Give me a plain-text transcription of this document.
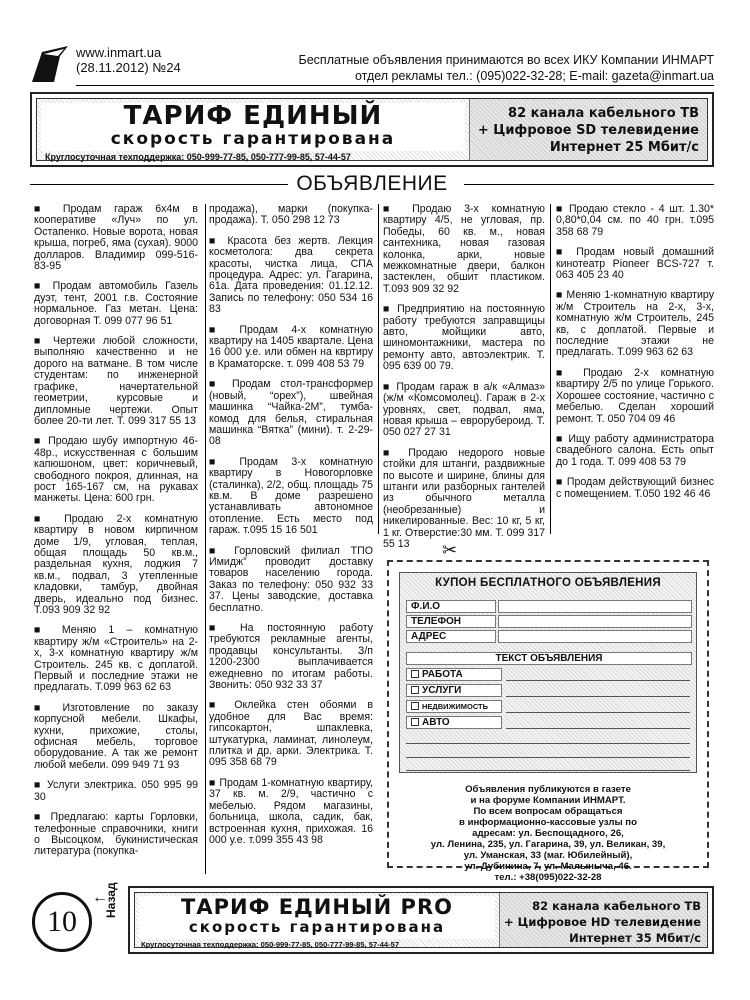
www.inmart.ua
(28.11.2012) №24	Бесплатные объявления принимаются во всех ИКУ Компании ИНМАРТ
отдел рекламы тел.: (095)022-32-28; E-mail: gazeta@inmart.ua
ТАРИФ ЕДИНЫЙ
скорость гарантирована
Круглосуточная техподдержка: 050-999-77-85, 050-777-99-85, 57-44-57
82 канала кабельного ТВ
+ Цифровое SD телевидение
Интернет 25 Мбит/с
ОБЪЯВЛЕНИЕ

■ Продам гараж 6х4м в кооперативе «Луч» по ул. Остапенко. Новые ворота, новая крыша, погреб, яма (сухая). 9000 долларов. Владимир 099-516-83-95

■ Продам автомобиль Газель дуэт, тент, 2001 г.в. Состояние нормальное. Газ метан. Цена: договорная Т. 099 077 96 51

■ Чертежи любой сложности, выполняю качественно и не дорого на ватмане. В том числе студентам: по инженерной графике, начертательной геометрии, курсовые и дипломные чертежи. Опыт более 20-ти лет. Т. 099 317 55 13

■ Продаю шубу импортную 46-48р., искусственная с большим капюшоном, цвет: коричневый, свободного покроя, длинная, на рост 165-167 см, на рукавах манжеты. Цена: 600 грн.

■ Продаю 2-х комнатную квартиру в новом кирпичном доме 1/9, угловая, теплая, общая площадь 50 кв.м., раздельная кухня, лоджия 7 кв.м., подвал, 3 утепленные кладовки, тамбур, двойная дверь, идеально под бизнес. Т.093 909 32 92

■ Меняю 1 – комнатную квартиру ж/м «Строитель» на 2-х, 3-х комнатную квартиру ж/м Строитель. 245 кв. с доплатой. Первый и последние этажи не предлагать. Т.099 963 62 63

■ Изготовление по заказу корпусной мебели. Шкафы, кухни, прихожие, столы, офисная мебель, торговое оборудование. А так же ремонт любой мебели. 099 949 71 93

■ Услуги электрика. 050 995 99 30

■ Предлагаю: карты Горловки, телефонные справочники, книги о Высоцком, букинистическая литература (покупка-

продажа), марки (покупка-продажа). Т. 050 298 12 73

■ Красота без жертв. Лекция косметолога: два секрета красоты, чистка лица, СПА процедура. Адрес: ул. Гагарина, 61а. Дата проведения: 01.12.12. Запись по телефону: 050 534 16 83

■ Продам 4-х комнатную квартиру на 1405 квартале. Цена 16 000 у.е. или обмен на квртиру в Краматорске. т. 099 408 53 79

■ Продам стол-трансформер (новый, “орех”), швейная машинка “Чайка-2М”, тумба-комод для белья, стиральная машинка “Вятка” (мини). т. 2-29-08

■ Продам 3-х комнатную квартиру в Новогорловке (сталинка), 2/2, общ. площадь 75 кв.м. В доме разрешено устанавливать автономное отопление. Есть место под гараж. т.095 15 16 501

■ Горловский филиал ТПО Имидж” проводит доставку товаров населению города. Заказ по телефону: 050 932 33 37. Цены заводские, доставка бесплатно.

■ На постоянную работу требуются рекламные агенты, продавцы консультанты. З/п 1200-2300 выплачивается ежедневно по итогам работы. Звонить: 050 932 33 37

■ Оклейка стен обоями в удобное для Вас время: гипсокартон, шпаклевка, штукатурка, ламинат, линолеум, плитка и др. арки. Электрика. Т. 095 358 68 79

■ Продам 1-комнатную квартиру, 37 кв. м. 2/9, частично с мебелью. Рядом магазины, больница, школа, садик, бак, встроенная кухня, прихожая. 16 000 у.е. т.099 355 43 98

■ Продаю 3-х комнатную квартиру 4/5, не угловая, пр. Победы, 60 кв. м., новая сантехника, новая газовая колонка, арки, новые межкомнатные двери, балкон застеклен, обшит пластиком. Т.093 909 32 92

■ Предприятию на постоянную работу требуются заправщицы авто, мойщики авто, шиномонтажники, мастера по ремонту авто, автоэлектрик. Т. 095 639 00 79.

■ Продам гараж в а/к «Алмаз» (ж/м «Комсомолец). Гараж в 2-х уровнях, свет, подвал, яма, новая крыша – еврорубероид. Т. 050 027 27 31

■ Продаю недорого новые стойки для штанги, раздвижные по высоте и ширине, блины для штанги или разборных гантелей из обычного металла (необрезанные) и никелированные. Вес: 10 кг, 5 кг, 1 кг. Отверстие:30 мм. Т. 099 317 55 13

■ Продаю стекло - 4 шт. 1.30* 0,80*0,04 см. по 40 грн. т.095 358 68 79

■ Продам новый домашний кинотеатр Pioneer BCS-727 т. 063 405 23 40

■ Меняю 1-комнатную квартиру ж/м Строитель на 2-х, 3-х, комнатную ж/м Строитель, 245 кв, с доплатой. Первые и последние этажи не предлагать. Т.099 963 62 63

■ Продаю 2-х комнатную квартиру 2/5 по улице Горького. Хорошее состояние, частично с мебелью. Сделан хороший ремонт. Т. 050 704 09 46

■ Ищу работу администратора свадебного салона. Есть опыт до 1 года. Т. 099 408 53 79

■ Продам действующий бизнес с помещением. Т.050 192 46 46

✂
КУПОН БЕСПЛАТНОГО ОБЪЯВЛЕНИЯ
Ф.И.О
ТЕЛЕФОН
АДРЕС
ТЕКСТ ОБЪЯВЛЕНИЯ
РАБОТА
УСЛУГИ
НЕДВИЖИМОСТЬ
АВТО
Объявления публикуются в газете
и на форуме Компании ИНМАРТ.
По всем вопросам обращаться
в информационно-кассовые узлы по
адресам: ул. Беспощадного, 26,
ул. Ленина, 235, ул. Гагарина, 39, ул. Великан, 39,
ул. Уманская, 33 (маг. Юбилейный),
ул. Дубинина, 7, ул. Малыныча, 46.
тел.: +38(095)022-32-28
10
←
Назад	ТАРИФ ЕДИНЫЙ PRO
скорость гарантирована
Круглосуточная техподдержка: 050-999-77-85, 050-777-99-85, 57-44-57
82 канала кабельного ТВ
+ Цифровое HD телевидение
Интернет 35 Мбит/с
